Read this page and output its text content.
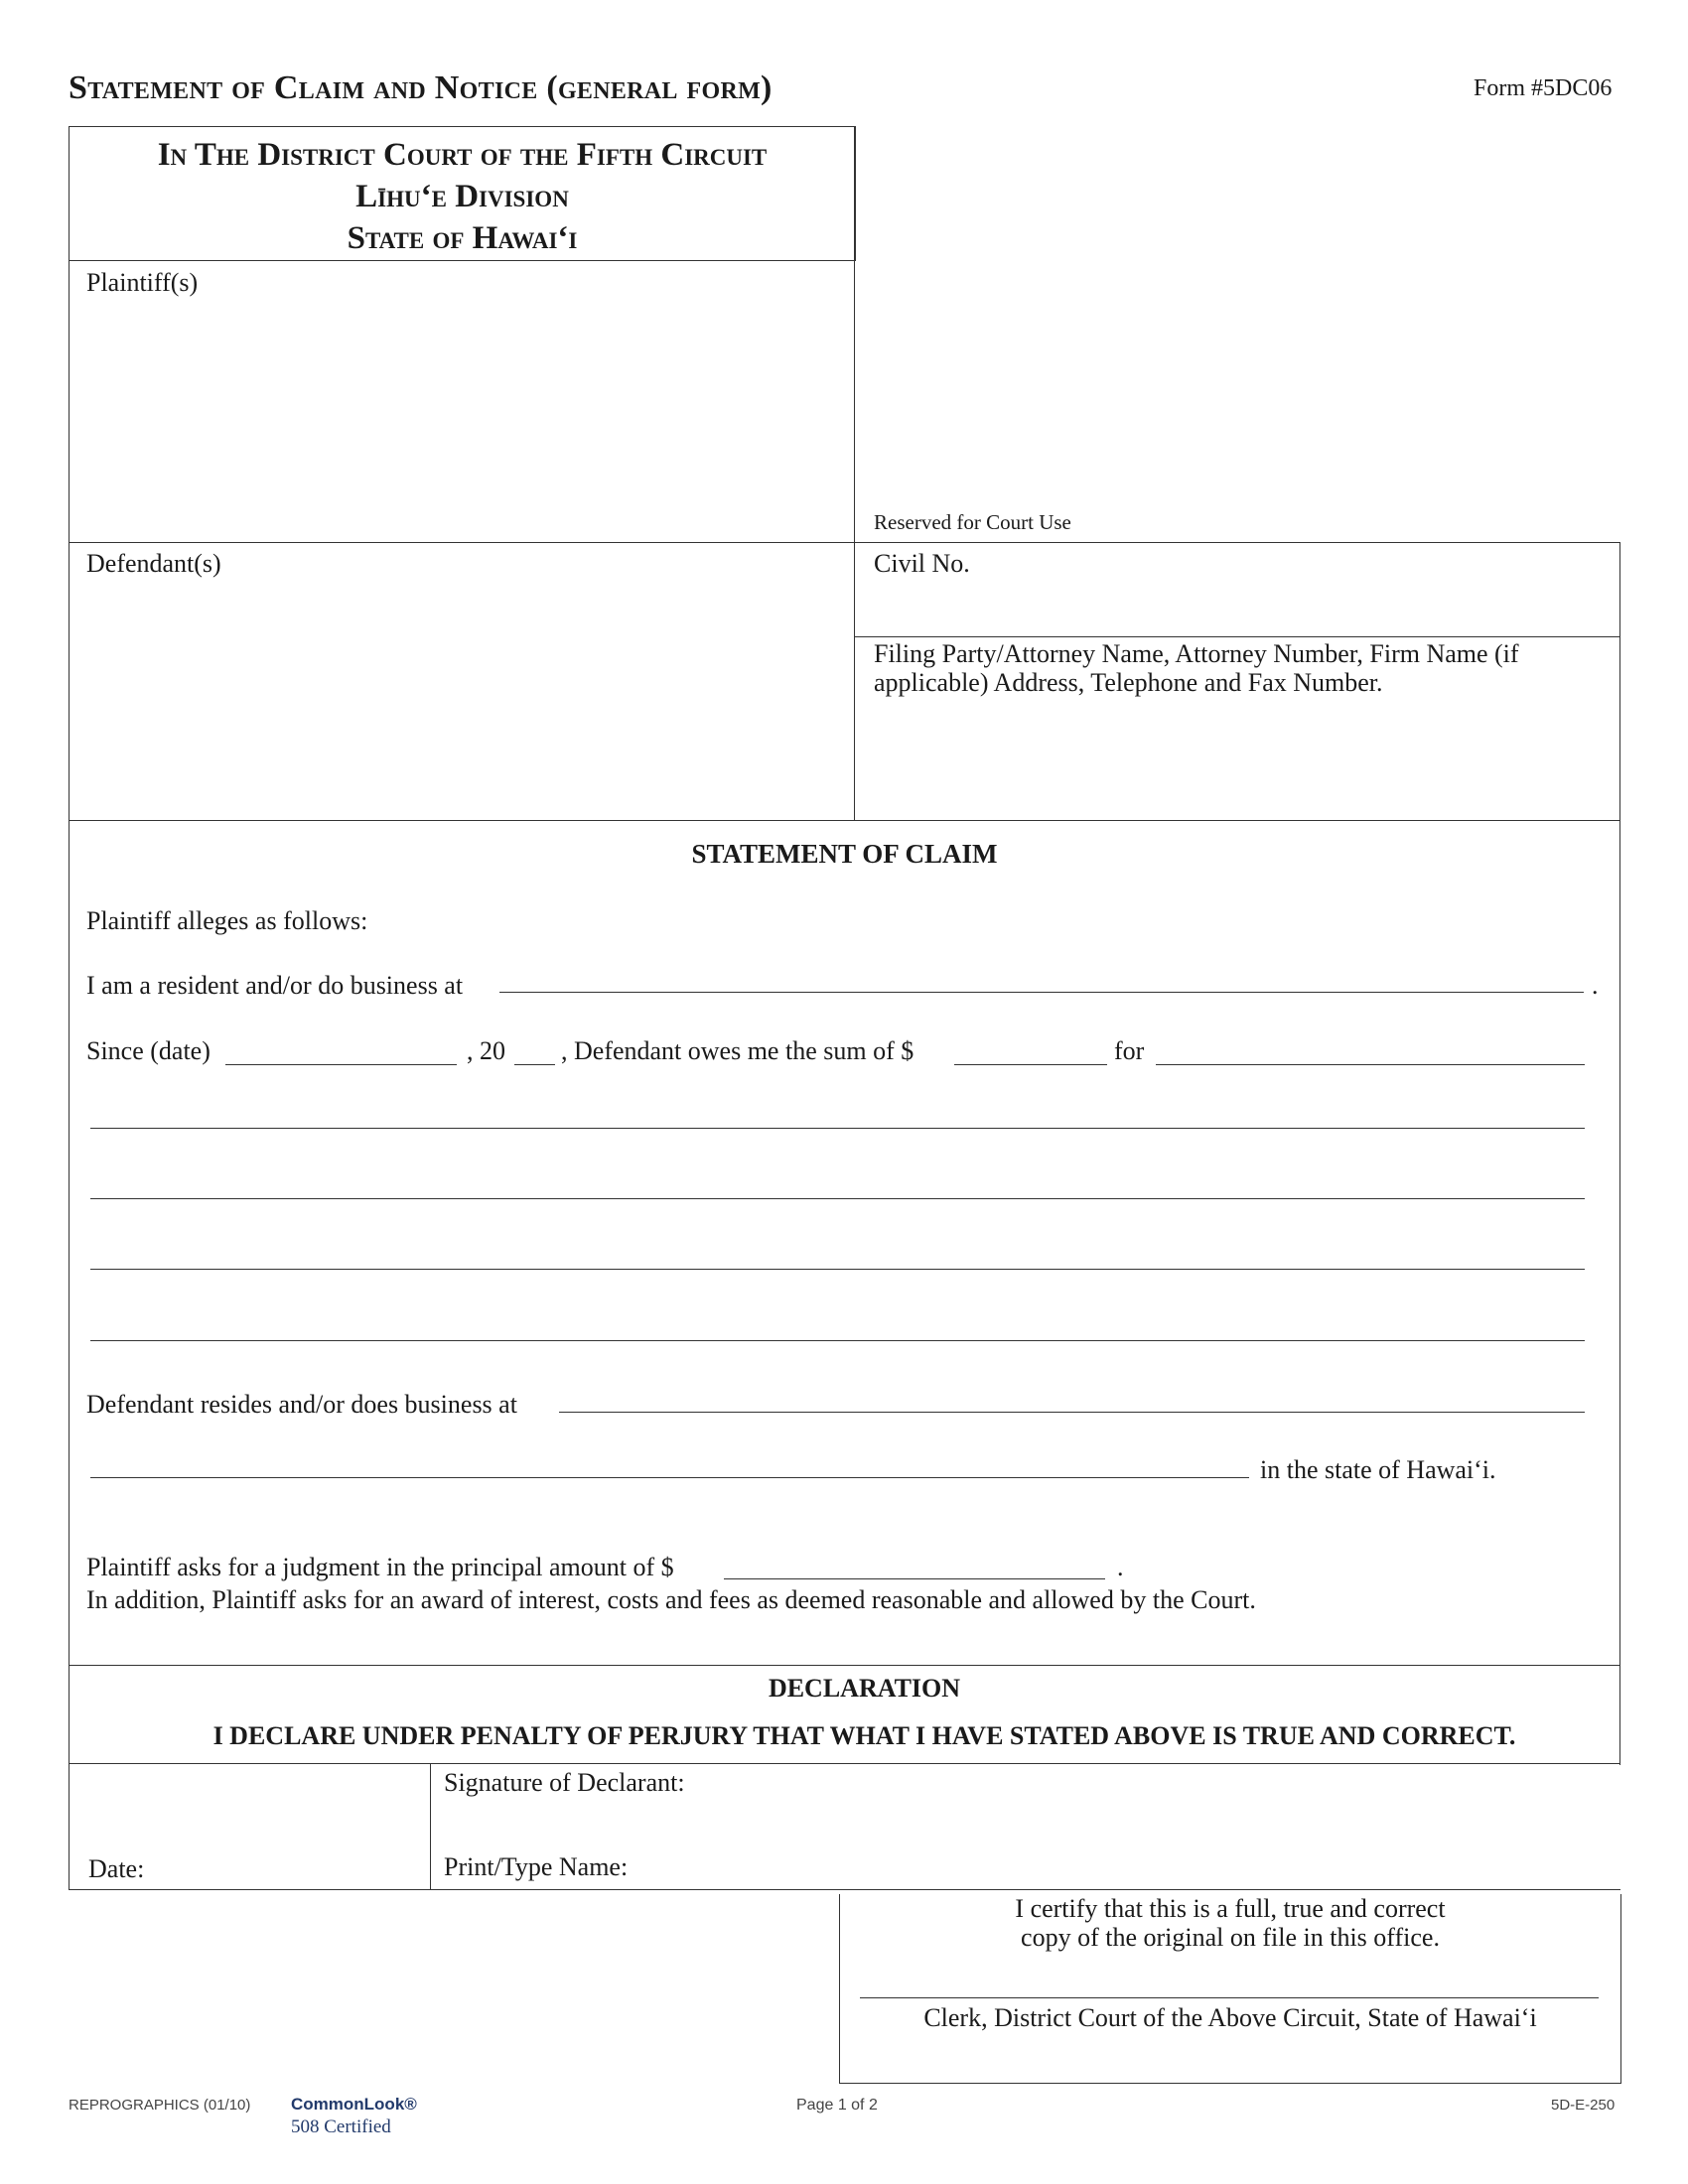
Statement of Claim and Notice (general form)	Form #5DC06
In The District Court of the Fifth Circuit
Līhuʻe Division
State of Hawaiʻi
Plaintiff(s)
Reserved for Court Use
Defendant(s)	Civil No.
Filing Party/Attorney Name, Attorney Number, Firm Name (if applicable) Address, Telephone and Fax Number.
STATEMENT OF CLAIM
Plaintiff alleges as follows:
I am a resident and/or do business at	.
Since (date)	, 20 , Defendant owes me the sum of $	for
Defendant resides and/or does business at
in the state of Hawaiʻi.
Plaintiff asks for a judgment in the principal amount of $	.
In addition, Plaintiff asks for an award of interest, costs and fees as deemed reasonable and allowed by the Court.
DECLARATION
I DECLARE UNDER PENALTY OF PERJURY THAT WHAT I HAVE STATED ABOVE IS TRUE AND CORRECT.
Date:
Signature of Declarant:
Print/Type Name:
I certify that this is a full, true and correct
copy of the original on file in this office.
Clerk, District Court of the Above Circuit, State of Hawaiʻi
REPROGRAPHICS (01/10) CommonLook®
508 Certified
Page 1 of 2	5D-E-250
